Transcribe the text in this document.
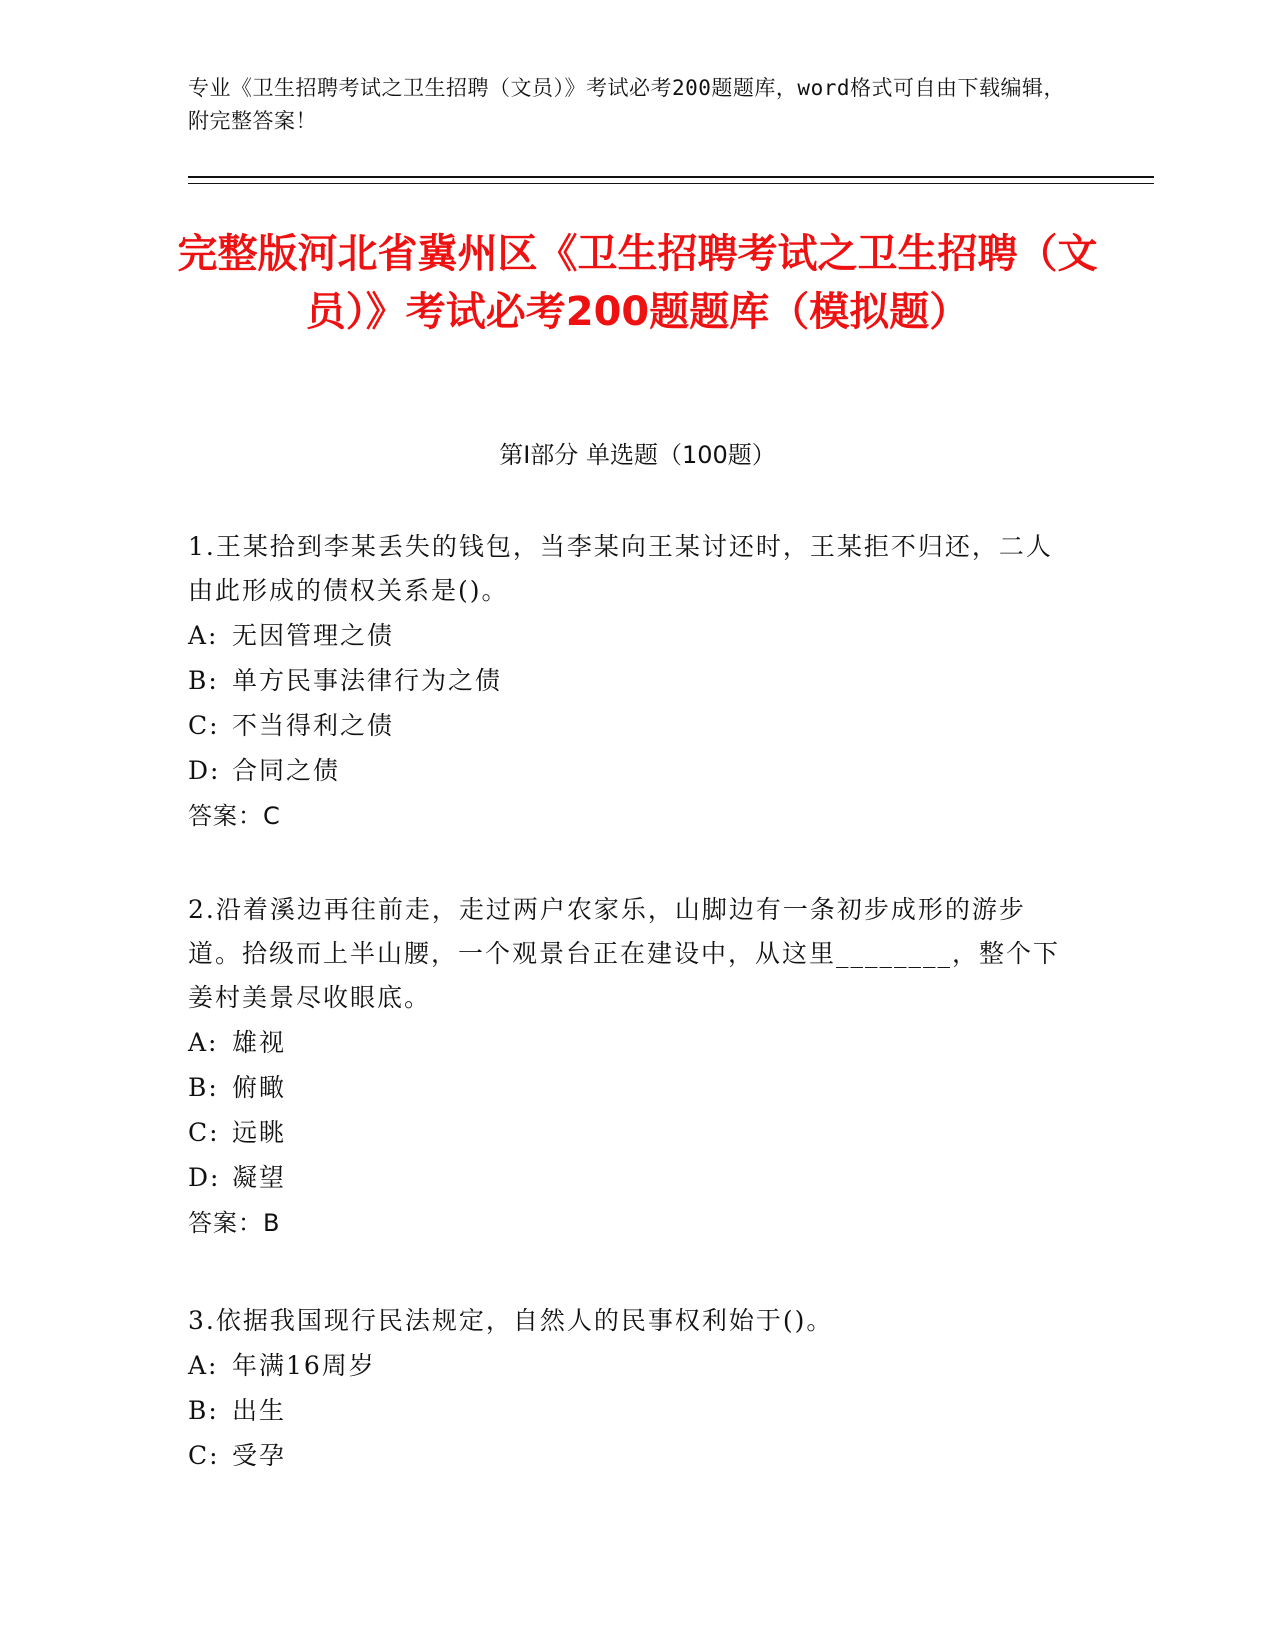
专业《卫生招聘考试之卫生招聘（文员）》考试必考200题题库，word格式可自由下载编辑，附完整答案！
完整版河北省冀州区《卫生招聘考试之卫生招聘（文员）》考试必考200题题库（模拟题）
第Ⅰ部分 单选题（100题）
1.王某拾到李某丢失的钱包，当李某向王某讨还时，王某拒不归还，二人由此形成的债权关系是()。
A: 无因管理之债
B: 单方民事法律行为之债
C: 不当得利之债
D: 合同之债
答案：C
2.沿着溪边再往前走，走过两户农家乐，山脚边有一条初步成形的游步道。拾级而上半山腰，一个观景台正在建设中，从这里________，整个下姜村美景尽收眼底。
A: 雄视
B: 俯瞰
C: 远眺
D: 凝望
答案：B
3.依据我国现行民法规定，自然人的民事权利始于()。
A: 年满16周岁
B: 出生
C: 受孕
